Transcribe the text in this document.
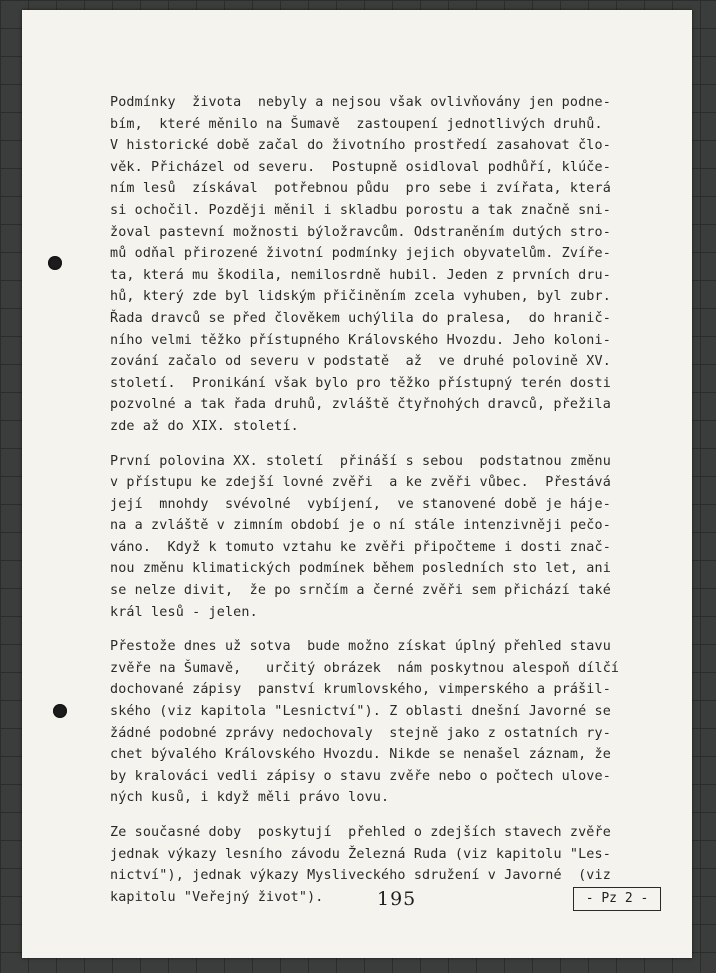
Podmínky  života  nebyly a nejsou však ovlivňovány jen podne-
bím,  které měnilo na Šumavě  zastoupení jednotlivých druhů.
V historické době začal do životního prostředí zasahovat člo-
věk. Přicházel od severu.  Postupně osidloval podhůří, klúče-
ním lesů  získával  potřebnou půdu  pro sebe i zvířata, která
si ochočil. Později měnil i skladbu porostu a tak značně sni-
žoval pastevní možnosti býložravcům. Odstraněním dutých stro-
mů odňal přirozené životní podmínky jejich obyvatelům. Zvíře-
ta, která mu škodila, nemilosrdně hubil. Jeden z prvních dru-
hů, který zde byl lidským přičiněním zcela vyhuben, byl zubr.
Řada dravců se před člověkem uchýlila do pralesa,  do hranič-
ního velmi těžko přístupného Královského Hvozdu. Jeho koloni-
zování začalo od severu v podstatě  až  ve druhé polovině XV.
století.  Pronikání však bylo pro těžko přístupný terén dosti
pozvolné a tak řada druhů, zvláště čtyřnohých dravců, přežila
zde až do XIX. století.
První polovina XX. století  přináší s sebou  podstatnou změnu
v přístupu ke zdejší lovné zvěři  a ke zvěři vůbec.  Přestává
její  mnohdy  svévolné  vybíjení,  ve stanovené době je háje-
na a zvláště v zimním období je o ní stále intenzivněji pečo-
váno.  Když k tomuto vztahu ke zvěři připočteme i dosti znač-
nou změnu klimatických podmínek během posledních sto let, ani
se nelze divit,  že po srnčím a černé zvěři sem přichází také
král lesů - jelen.
Přestože dnes už sotva  bude možno získat úplný přehled stavu
zvěře na Šumavě,   určitý obrázek  nám poskytnou alespoň dílčí
dochované zápisy  panství krumlovského, vimperského a prášil-
ského (viz kapitola "Lesnictví"). Z oblasti dnešní Javorné se
žádné podobné zprávy nedochovaly  stejně jako z ostatních ry-
chet bývalého Královského Hvozdu. Nikde se nenašel záznam, že
by kralováci vedli zápisy o stavu zvěře nebo o počtech ulove-
ných kusů, i když měli právo lovu.
Ze současné doby  poskytují  přehled o zdejších stavech zvěře
jednak výkazy lesního závodu Železná Ruda (viz kapitolu "Les-
nictví"), jednak výkazy Mysliveckého sdružení v Javorné  (viz
kapitolu "Veřejný život").	195	- Pz 2 -
